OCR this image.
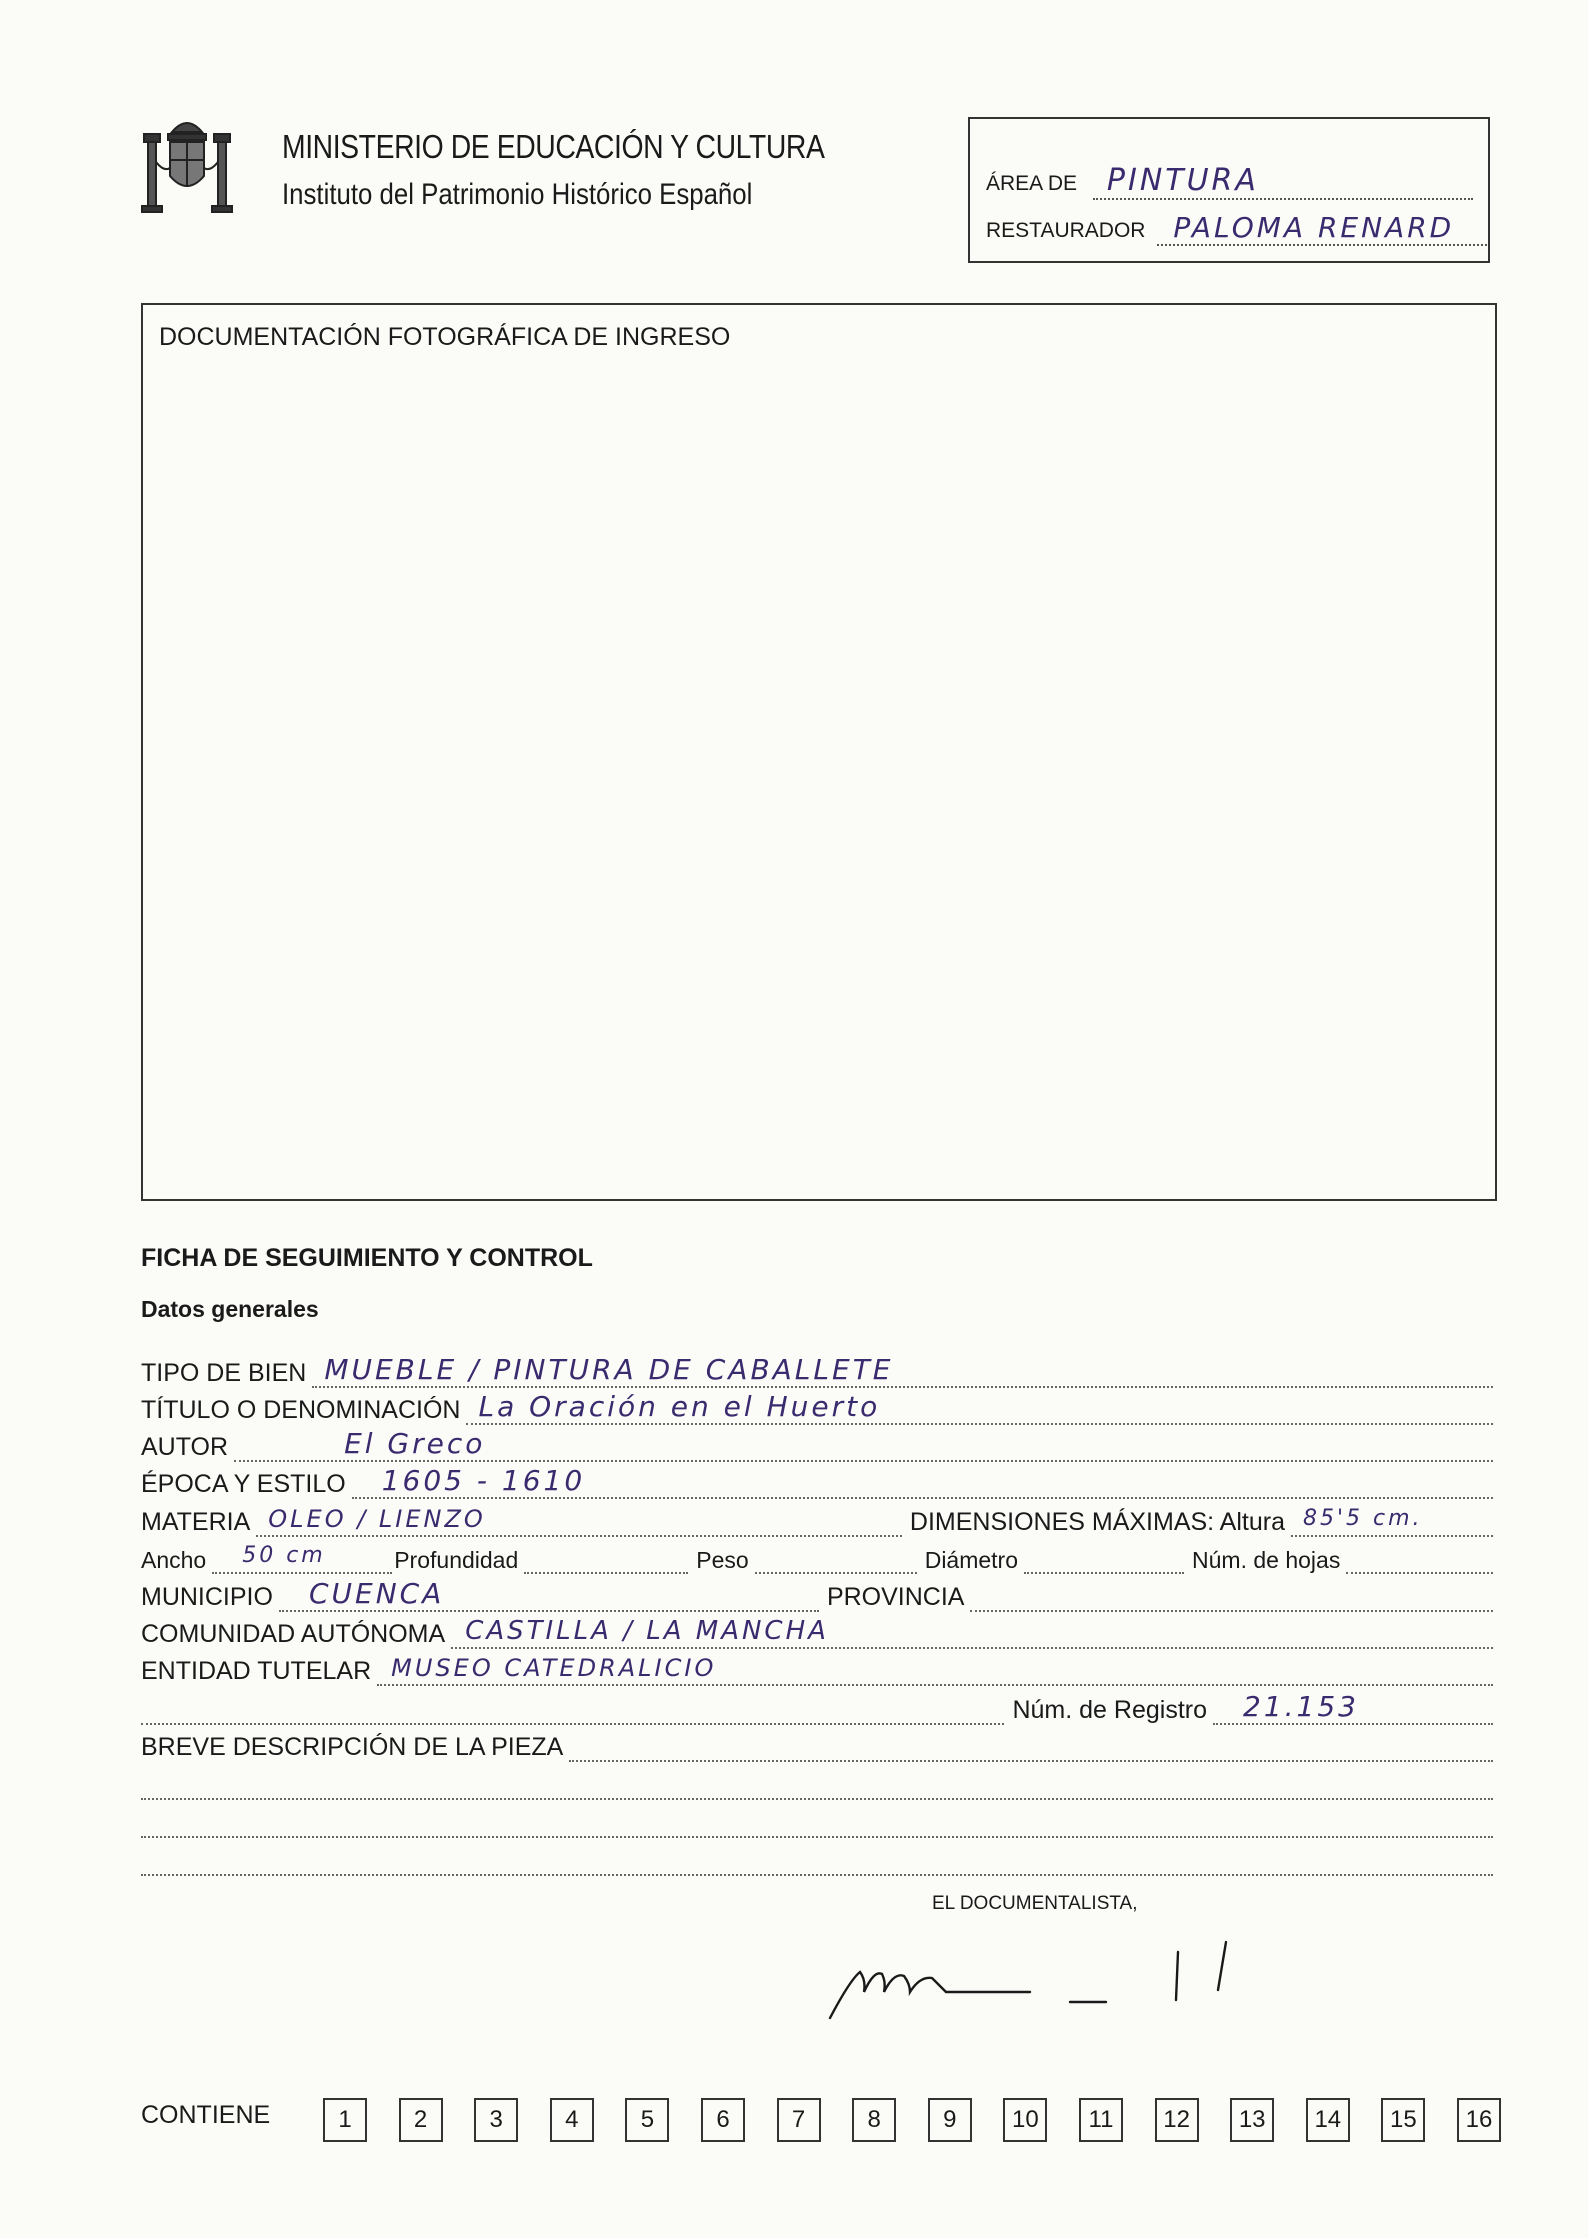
MINISTERIO DE EDUCACIÓN Y CULTURA
Instituto del Patrimonio Histórico Español	ÁREA DE PINTURA
RESTAURADOR PALOMA RENARD
DOCUMENTACIÓN FOTOGRÁFICA DE INGRESO
FICHA DE SEGUIMIENTO Y CONTROL
Datos generales
TIPO DE BIEN MUEBLE / PINTURA DE CABALLETE
TÍTULO O DENOMINACIÓN La Oración en el Huerto
AUTOR	El Greco
ÉPOCA Y ESTILO 1605 - 1610
MATERIA OLEO / LIENZO	DIMENSIONES MÁXIMAS: Altura 85'5 cm.
Ancho 50 cm	Profundidad	Peso	Diámetro	Núm. de hojas
MUNICIPIO CUENCA	PROVINCIA
COMUNIDAD AUTÓNOMA CASTILLA / LA MANCHA
ENTIDAD TUTELAR MUSEO CATEDRALICIO
Núm. de Registro 21.153
BREVE DESCRIPCIÓN DE LA PIEZA
EL DOCUMENTALISTA,
CONTIENE	1	2	3	4	5	6	7	8	9	10	11	12	13	14	15	16
